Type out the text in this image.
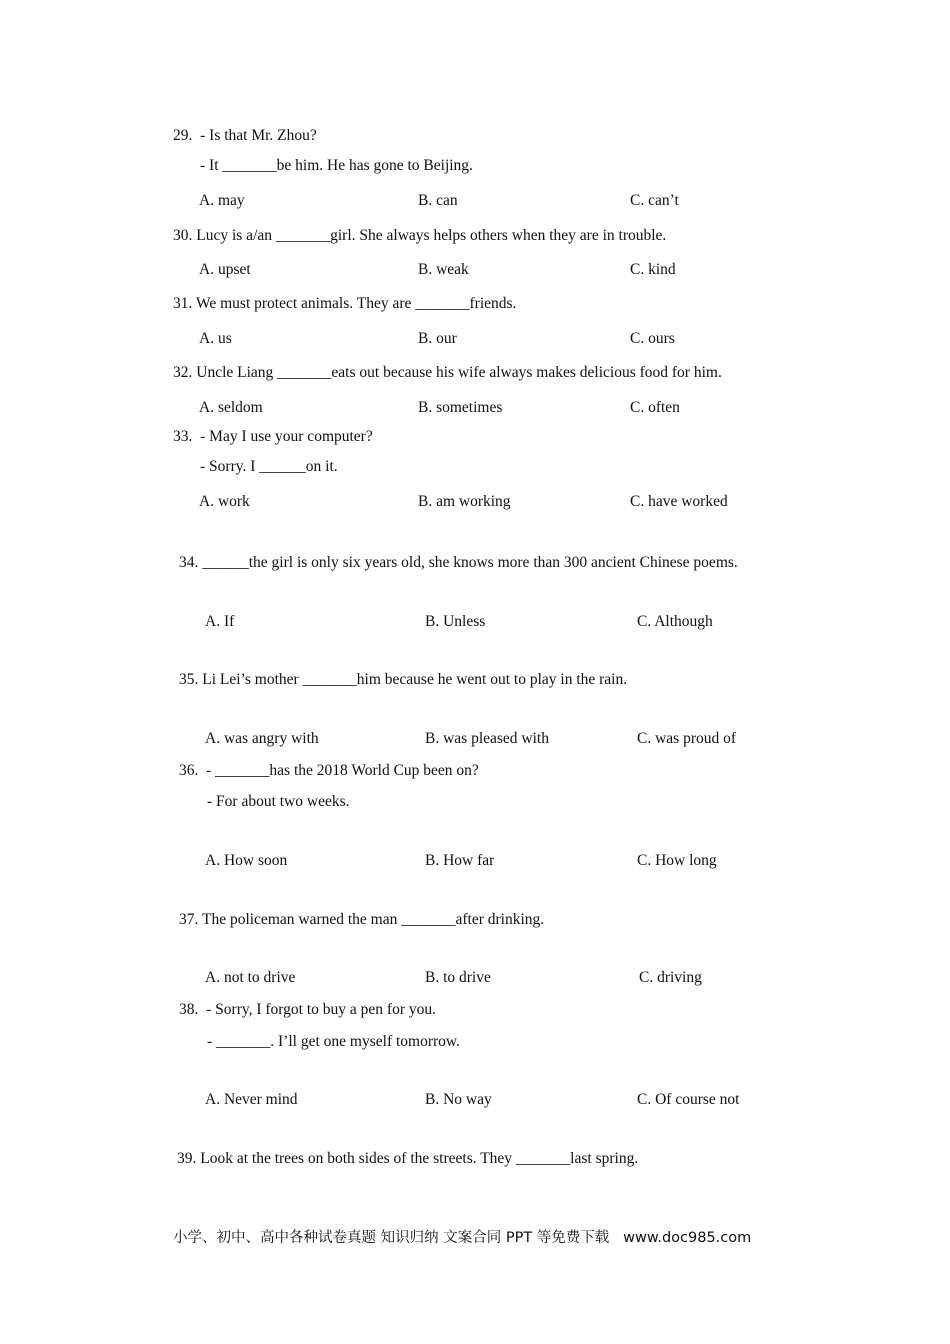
29.  - Is that Mr. Zhou?
- It _______be him. He has gone to Beijing.
A. may	B. can	C. can’t
30. Lucy is a/an _______girl. She always helps others when they are in trouble.
A. upset	B. weak	C. kind
31. We must protect animals. They are _______friends.
A. us	B. our	C. ours
32. Uncle Liang _______eats out because his wife always makes delicious food for him.
A. seldom	B. sometimes	C. often
33.  - May I use your computer?
- Sorry. I ______on it.
A. work	B. am working	C. have worked
34. ______the girl is only six years old, she knows more than 300 ancient Chinese poems.
A. If	B. Unless	C. Although
35. Li Lei’s mother _______him because he went out to play in the rain.
A. was angry with	B. was pleased with	C. was proud of
36.  - _______has the 2018 World Cup been on?
- For about two weeks.
A. How soon	B. How far	C. How long
37. The policeman warned the man _______after drinking.
A. not to drive	B. to drive	C. driving
38.  - Sorry, I forgot to buy a pen for you.
- _______. I’ll get one myself tomorrow.
A. Never mind	B. No way	C. Of course not
39. Look at the trees on both sides of the streets. They _______last spring.
小学、初中、高中各种试卷真题 知识归纳 文案合同 PPT 等免费下载   www.doc985.com
